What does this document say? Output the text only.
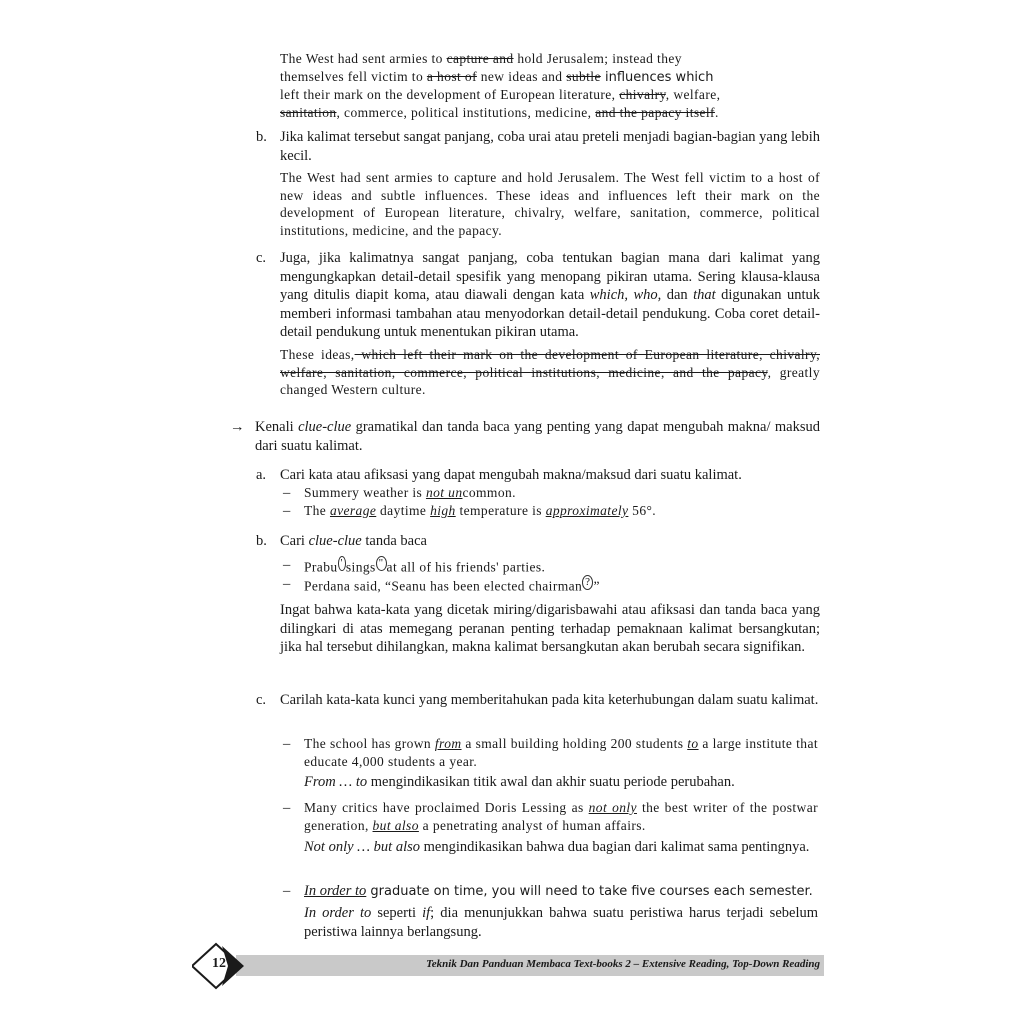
The West had sent armies to capture and hold Jerusalem; instead they
themselves fell victim to a host of new ideas and subtle influences which
left their mark on the development of European literature, chivalry, welfare,
sanitation, commerce, political institutions, medicine, and the papacy itself.
b. Jika kalimat tersebut sangat panjang, coba urai atau preteli menjadi bagian-bagian yang lebih kecil.
The West had sent armies to capture and hold Jerusalem. The West fell victim to a host of new ideas and subtle influences. These ideas and influences left their mark on the development of European literature, chivalry, welfare, sanitation, commerce, political institutions, medicine, and the papacy.
c. Juga, jika kalimatnya sangat panjang, coba tentukan bagian mana dari kalimat yang mengungkapkan detail-detail spesifik yang menopang pikiran utama. Sering klausa-klausa yang ditulis diapit koma, atau diawali dengan kata which, who, dan that digunakan untuk memberi informasi tambahan atau menyodorkan detail-detail pendukung. Coba coret detail-detail pendukung untuk menentukan pikiran utama.
These ideas, which left their mark on the development of European literature, chivalry, welfare, sanitation, commerce, political institutions, medicine, and the papacy, greatly changed Western culture.
→ Kenali clue-clue gramatikal dan tanda baca yang penting yang dapat mengubah makna/ maksud dari suatu kalimat.
a. Cari kata atau afiksasi yang dapat mengubah makna/maksud dari suatu kalimat.
– Summery weather is not uncommon.
– The average daytime high temperature is approximately 56°.
b. Cari clue-clue tanda baca
– Prabu ' sings " at all of his friends' parties.
– Perdana said, “Seanu has been elected chairman ? ”
Ingat bahwa kata-kata yang dicetak miring/digarisbawahi atau afiksasi dan tanda baca yang dilingkari di atas memegang peranan penting terhadap pemaknaan kalimat bersangkutan; jika hal tersebut dihilangkan, makna kalimat bersangkutan akan berubah secara signifikan.
c. Carilah kata-kata kunci yang memberitahukan pada kita keterhubungan dalam suatu kalimat.
– The school has grown from a small building holding 200 students to a large institute that educate 4,000 students a year.
From … to mengindikasikan titik awal dan akhir suatu periode perubahan.
– Many critics have proclaimed Doris Lessing as not only the best writer of the postwar generation, but also a penetrating analyst of human affairs.
Not only … but also mengindikasikan bahwa dua bagian dari kalimat sama pentingnya.
– In order to graduate on time, you will need to take five courses each semester.
In order to seperti if; dia menunjukkan bahwa suatu peristiwa harus terjadi sebelum peristiwa lainnya berlangsung.
12	Teknik Dan Panduan Membaca Text-books 2 – Extensive Reading, Top-Down Reading
